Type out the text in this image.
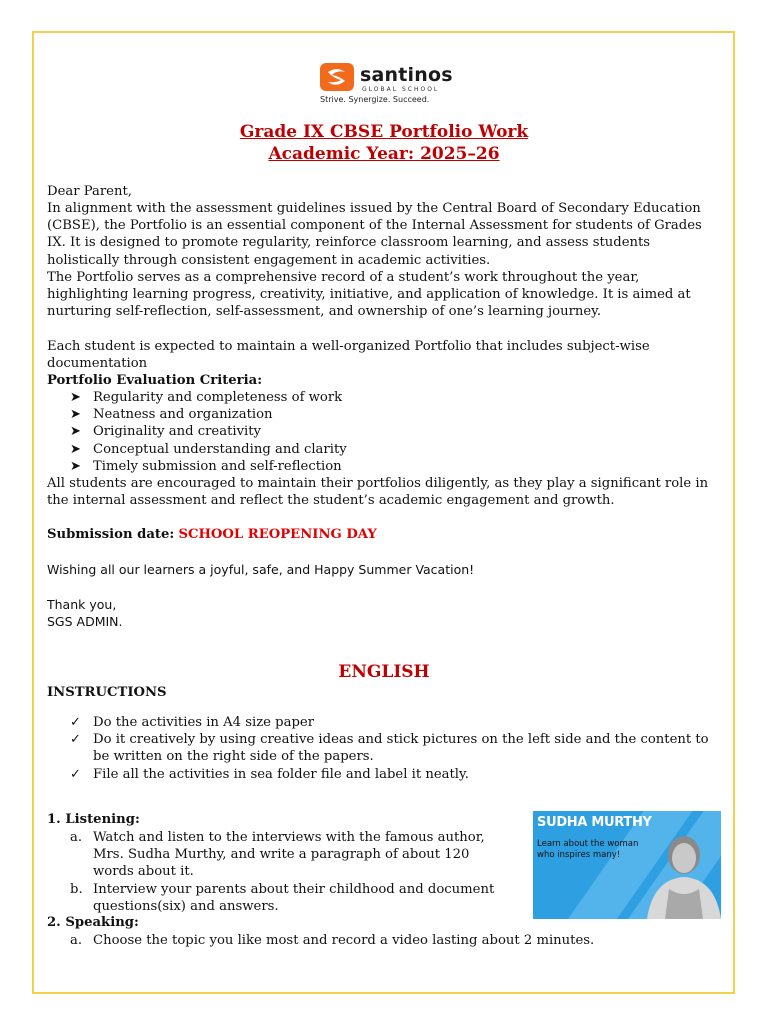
santinos
GLOBAL SCHOOL
Strive. Synergize. Succeed.
Grade IX CBSE Portfolio Work
Academic Year: 2025–26

Dear Parent,

In alignment with the assessment guidelines issued by the Central Board of Secondary Education (CBSE), the Portfolio is an essential component of the Internal Assessment for students of Grades IX. It is designed to promote regularity, reinforce classroom learning, and assess students holistically through consistent engagement in academic activities.

The Portfolio serves as a comprehensive record of a student’s work throughout the year, highlighting learning progress, creativity, initiative, and application of knowledge. It is aimed at nurturing self-reflection, self-assessment, and ownership of one’s learning journey.

Each student is expected to maintain a well-organized Portfolio that includes subject-wise documentation

Portfolio Evaluation Criteria:

➤ Regularity and completeness of work
➤ Neatness and organization
➤ Originality and creativity
➤ Conceptual understanding and clarity
➤ Timely submission and self-reflection

All students are encouraged to maintain their portfolios diligently, as they play a significant role in the internal assessment and reflect the student’s academic engagement and growth.

Submission date: SCHOOL REOPENING DAY

Wishing all our learners a joyful, safe, and Happy Summer Vacation!

Thank you,

SGS ADMIN.

ENGLISH

INSTRUCTIONS

✓ Do the activities in A4 size paper
✓ Do it creatively by using creative ideas and stick pictures on the left side and the content to be written on the right side of the papers.
✓ File all the activities in sea folder file and label it neatly.
1. Listening:
a. Watch and listen to the interviews with the famous author, Mrs. Sudha Murthy, and write a paragraph of about 120 words about it.
b. Interview your parents about their childhood and document questions(six) and answers.
2. Speaking:
a. Choose the topic you like most and record a video lasting about 2 minutes.
SUDHA MURTHY
Learn about the woman who inspires many!
